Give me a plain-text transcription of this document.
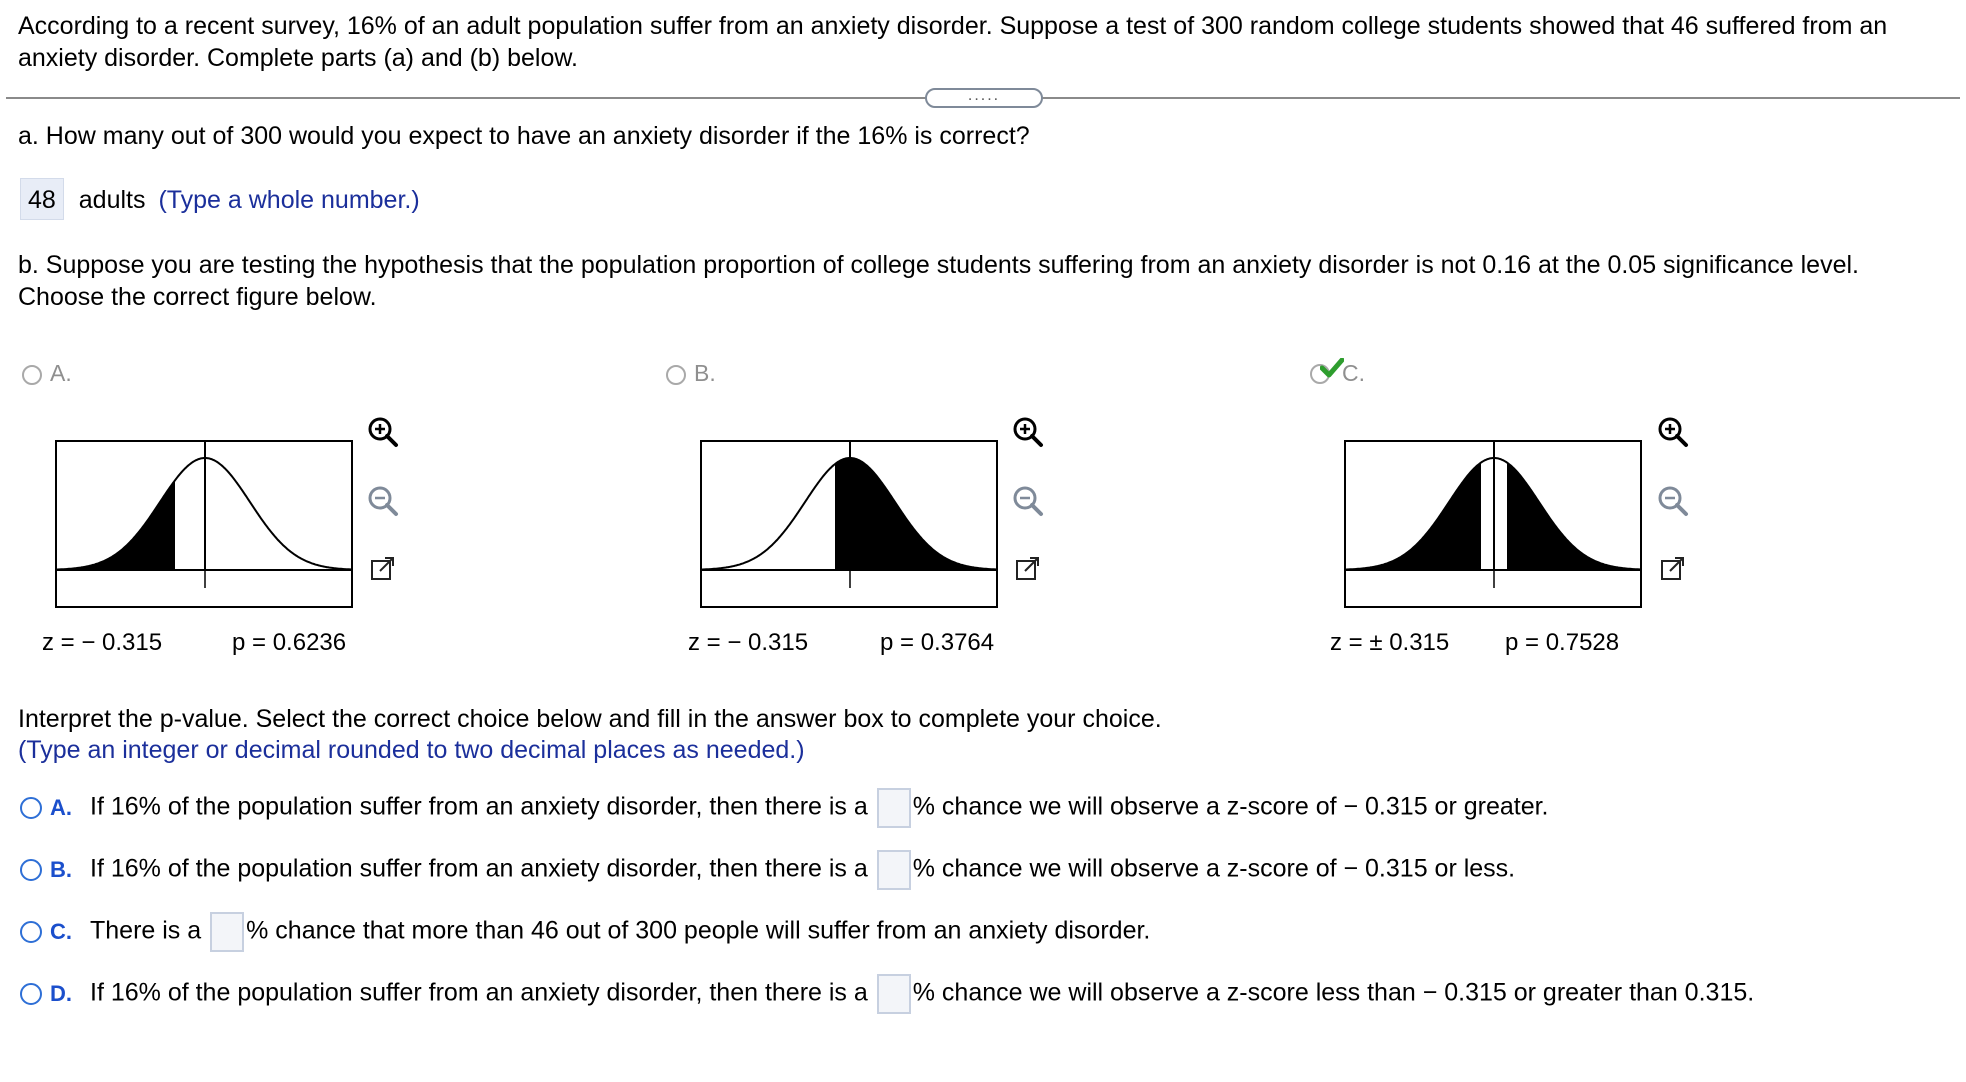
According to a recent survey, 16% of an adult population suffer from an anxiety disorder. Suppose a test of 300 random college students showed that 46 suffered from an anxiety disorder. Complete parts (a) and (b) below.
.....
a. How many out of 300 would you expect to have an anxiety disorder if the 16% is correct?
48 adults (Type a whole number.)
b. Suppose you are testing the hypothesis that the population proportion of college students suffering from an anxiety disorder is not 0.16 at the 0.05 significance level. Choose the correct figure below.
A.	B.	C.
z = − 0.315	p = 0.6236	z = − 0.315	p = 0.3764	z = ± 0.315 p = 0.7528
Interpret the p-value. Select the correct choice below and fill in the answer box to complete your choice.
(Type an integer or decimal rounded to two decimal places as needed.)
A. If 16% of the population suffer from an anxiety disorder, then there is a % chance we will observe a z-score of − 0.315 or greater.
B. If 16% of the population suffer from an anxiety disorder, then there is a % chance we will observe a z-score of − 0.315 or less.
C. There is a % chance that more than 46 out of 300 people will suffer from an anxiety disorder.
D. If 16% of the population suffer from an anxiety disorder, then there is a % chance we will observe a z-score less than − 0.315 or greater than 0.315.
